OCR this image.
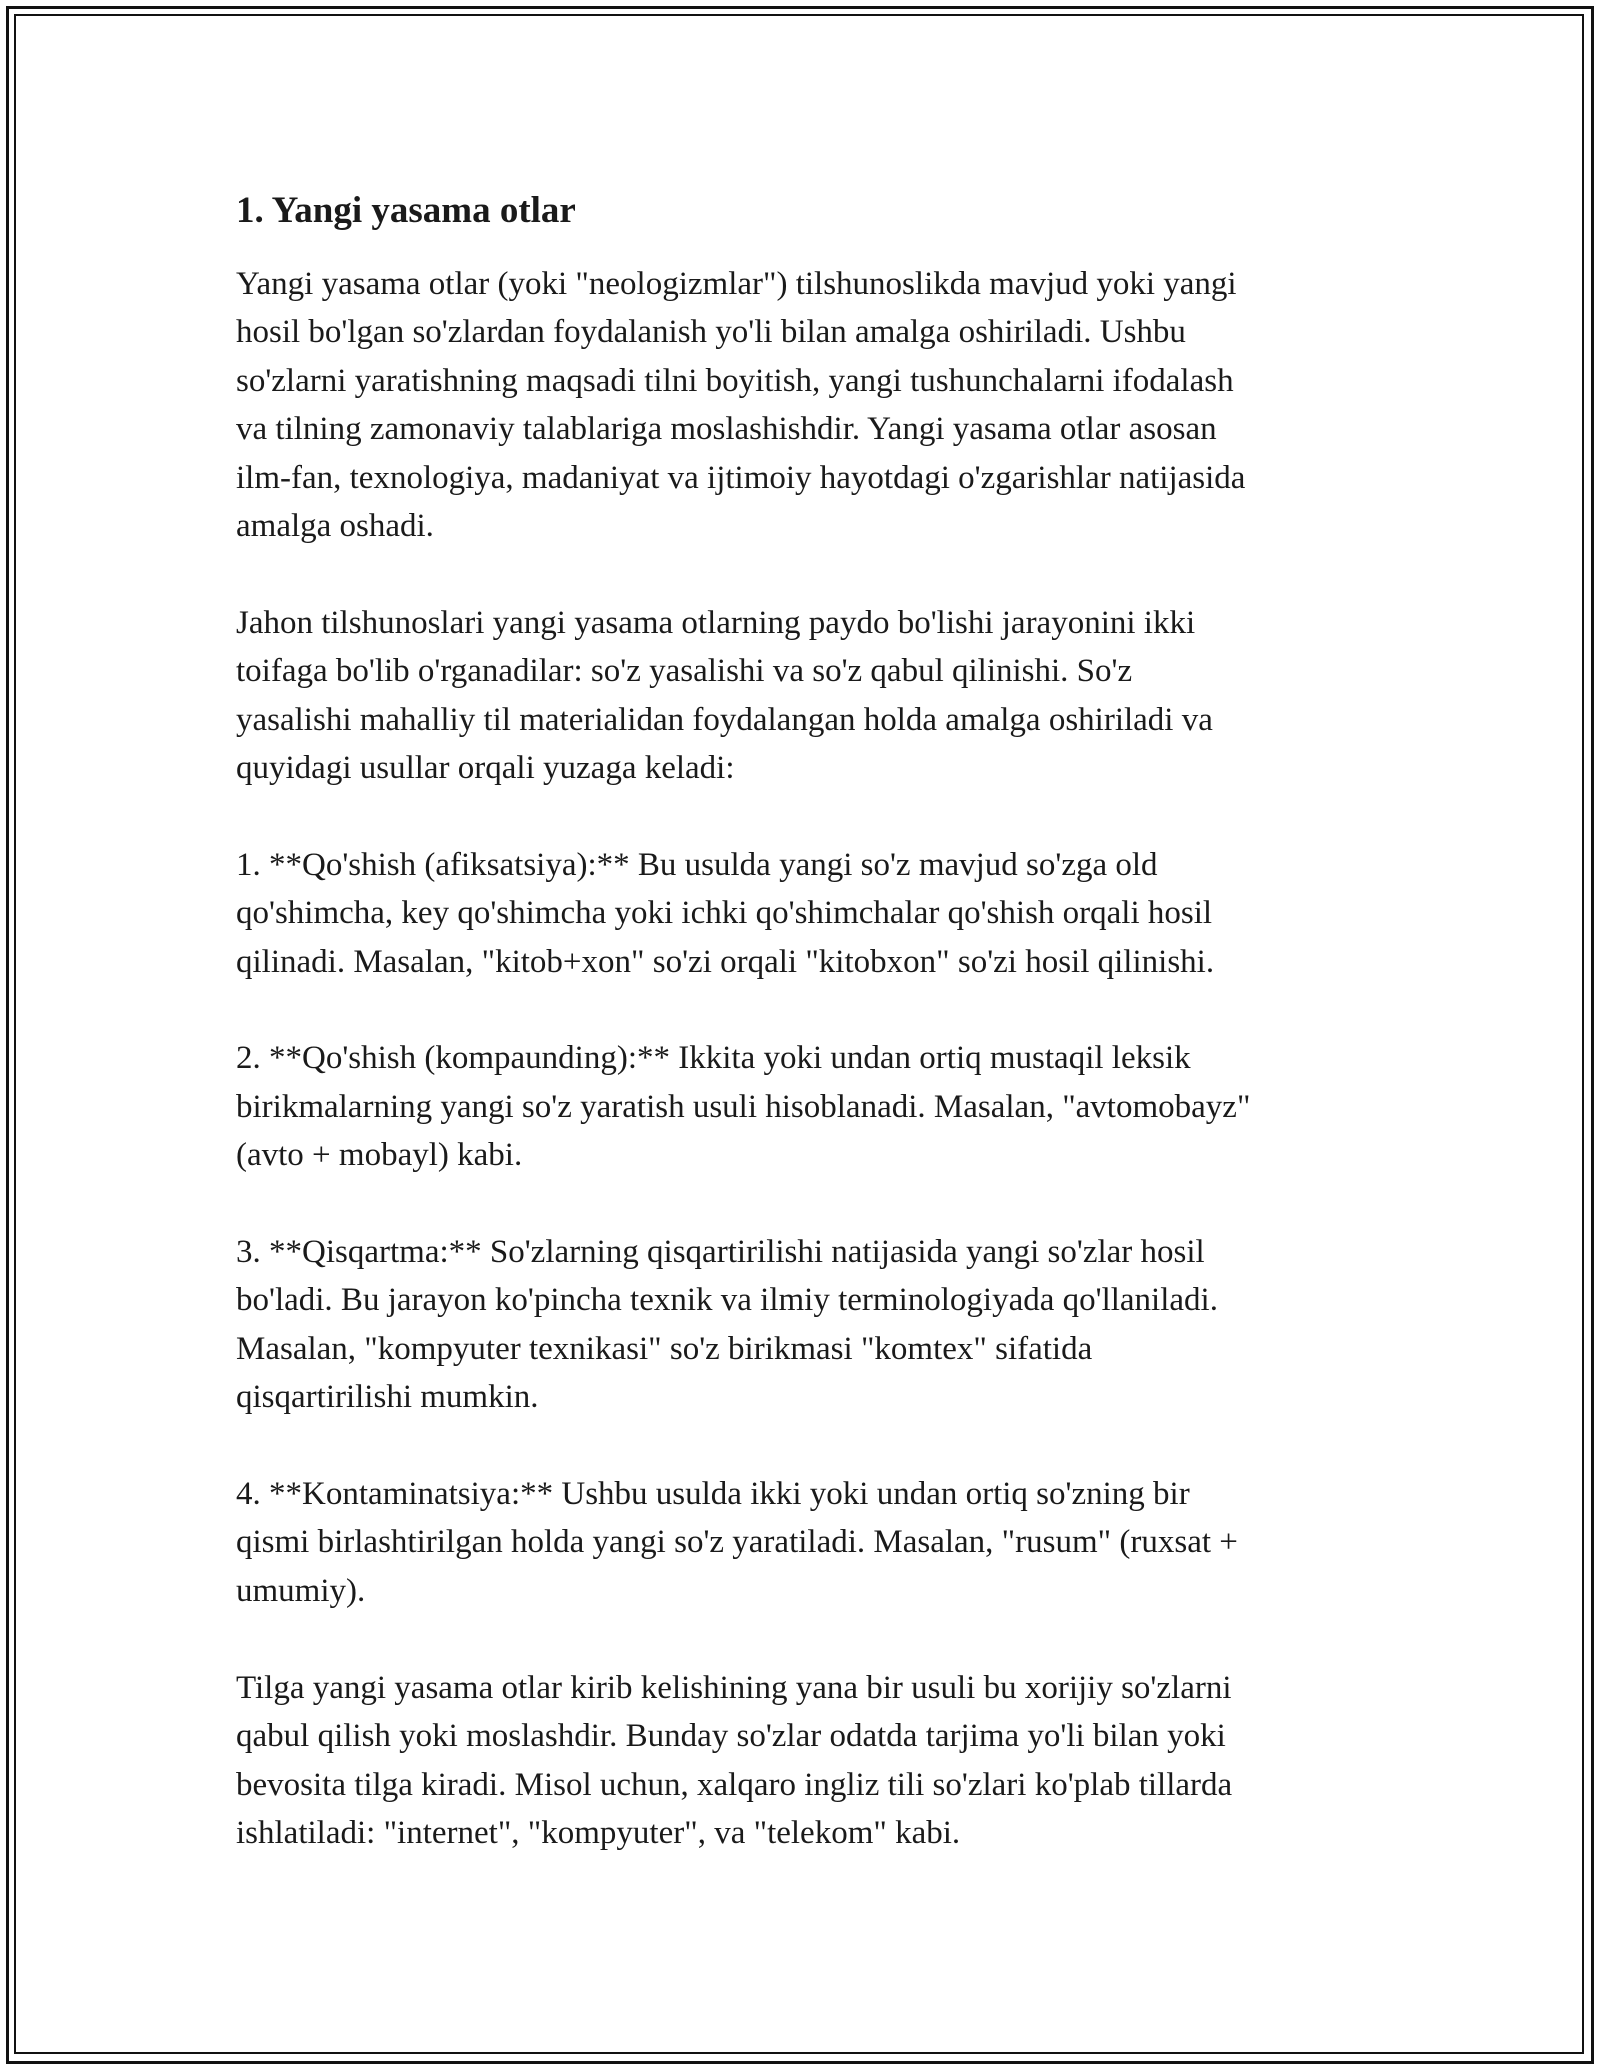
1. Yangi yasama otlar
Yangi yasama otlar (yoki "neologizmlar") tilshunoslikda mavjud yoki yangi
hosil bo'lgan so'zlardan foydalanish yo'li bilan amalga oshiriladi. Ushbu
so'zlarni yaratishning maqsadi tilni boyitish, yangi tushunchalarni ifodalash
va tilning zamonaviy talablariga moslashishdir. Yangi yasama otlar asosan
ilm-fan, texnologiya, madaniyat va ijtimoiy hayotdagi o'zgarishlar natijasida
amalga oshadi.
Jahon tilshunoslari yangi yasama otlarning paydo bo'lishi jarayonini ikki
toifaga bo'lib o'rganadilar: so'z yasalishi va so'z qabul qilinishi. So'z
yasalishi mahalliy til materialidan foydalangan holda amalga oshiriladi va
quyidagi usullar orqali yuzaga keladi:
1. **Qo'shish (afiksatsiya):** Bu usulda yangi so'z mavjud so'zga old
qo'shimcha, key qo'shimcha yoki ichki qo'shimchalar qo'shish orqali hosil
qilinadi. Masalan, "kitob+xon" so'zi orqali "kitobxon" so'zi hosil qilinishi.
2. **Qo'shish (kompaunding):** Ikkita yoki undan ortiq mustaqil leksik
birikmalarning yangi so'z yaratish usuli hisoblanadi. Masalan, "avtomobayz"
(avto + mobayl) kabi.
3. **Qisqartma:** So'zlarning qisqartirilishi natijasida yangi so'zlar hosil
bo'ladi. Bu jarayon ko'pincha texnik va ilmiy terminologiyada qo'llaniladi.
Masalan, "kompyuter texnikasi" so'z birikmasi "komtex" sifatida
qisqartirilishi mumkin.
4. **Kontaminatsiya:** Ushbu usulda ikki yoki undan ortiq so'zning bir
qismi birlashtirilgan holda yangi so'z yaratiladi. Masalan, "rusum" (ruxsat +
umumiy).
Tilga yangi yasama otlar kirib kelishining yana bir usuli bu xorijiy so'zlarni
qabul qilish yoki moslashdir. Bunday so'zlar odatda tarjima yo'li bilan yoki
bevosita tilga kiradi. Misol uchun, xalqaro ingliz tili so'zlari ko'plab tillarda
ishlatiladi: "internet", "kompyuter", va "telekom" kabi.
